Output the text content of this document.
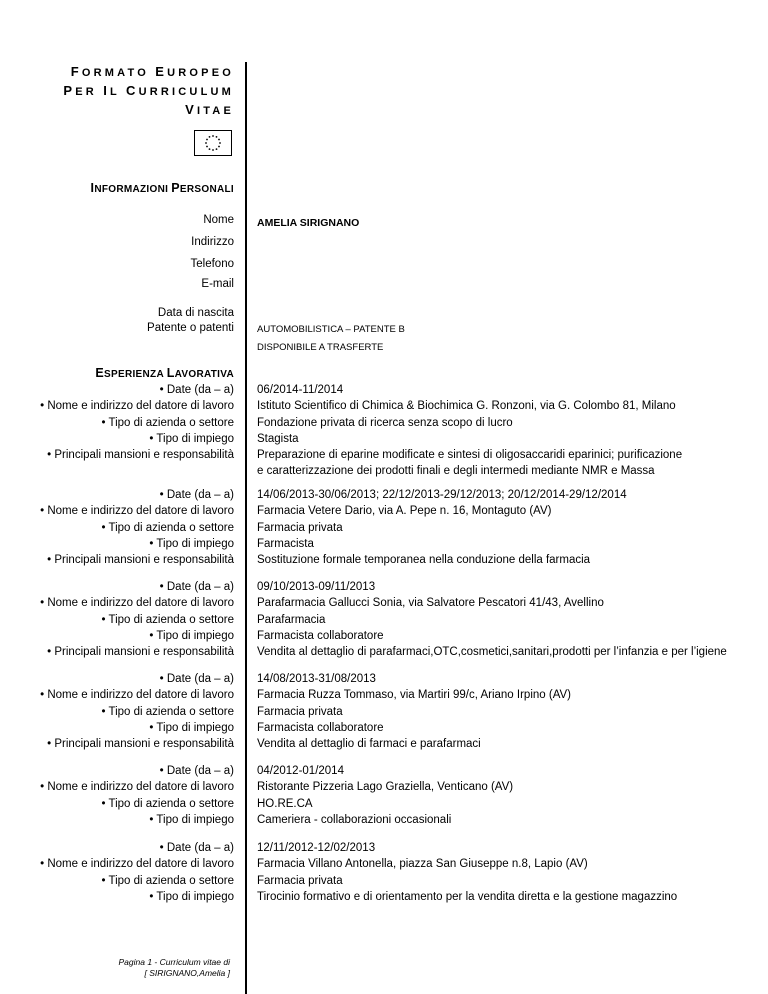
FORMATO EUROPEO
PER IL CURRICULUM
VITAE
INFORMAZIONI PERSONALI
Nome AMELIA SIRIGNANO
Indirizzo
Telefono
E-mail
Data di nascita
Patente o patenti AUTOMOBILISTICA – PATENTE B
DISPONIBILE A TRASFERTE
ESPERIENZA LAVORATIVA
• Date (da – a)
• Nome e indirizzo del datore di lavoro
• Tipo di azienda o settore
• Tipo di impiego
• Principali mansioni e responsabilità
06/2014-11/2014
Istituto Scientifico di Chimica & Biochimica G. Ronzoni, via G. Colombo 81, Milano
Fondazione privata di ricerca senza scopo di lucro
Stagista
Preparazione di eparine modificate e sintesi di oligosaccaridi eparinici; purificazione e caratterizzazione dei prodotti finali e degli intermedi mediante NMR e Massa
• Date (da – a)
• Nome e indirizzo del datore di lavoro
• Tipo di azienda o settore
• Tipo di impiego
• Principali mansioni e responsabilità
14/06/2013-30/06/2013; 22/12/2013-29/12/2013; 20/12/2014-29/12/2014
Farmacia Vetere Dario, via A. Pepe n. 16, Montaguto (AV)
Farmacia privata
Farmacista
Sostituzione formale temporanea nella conduzione della farmacia
• Date (da – a)
• Nome e indirizzo del datore di lavoro
• Tipo di azienda o settore
• Tipo di impiego
• Principali mansioni e responsabilità
09/10/2013-09/11/2013
Parafarmacia Gallucci Sonia, via Salvatore Pescatori 41/43, Avellino
Parafarmacia
Farmacista collaboratore
Vendita al dettaglio di parafarmaci,OTC,cosmetici,sanitari,prodotti per l’infanzia e per l’igiene
• Date (da – a)
• Nome e indirizzo del datore di lavoro
• Tipo di azienda o settore
• Tipo di impiego
• Principali mansioni e responsabilità
14/08/2013-31/08/2013
Farmacia Ruzza Tommaso, via Martiri 99/c, Ariano Irpino (AV)
Farmacia privata
Farmacista collaboratore
Vendita al dettaglio di farmaci e parafarmaci
• Date (da – a)
• Nome e indirizzo del datore di lavoro
• Tipo di azienda o settore
• Tipo di impiego
04/2012-01/2014
Ristorante Pizzeria Lago Graziella, Venticano (AV)
HO.RE.CA
Cameriera - collaborazioni occasionali
• Date (da – a)
• Nome e indirizzo del datore di lavoro
• Tipo di azienda o settore
• Tipo di impiego
12/11/2012-12/02/2013
Farmacia Villano Antonella, piazza San Giuseppe n.8, Lapio (AV)
Farmacia privata
Tirocinio formativo e di orientamento per la vendita diretta e la gestione magazzino
Pagina 1 - Curriculum vitae di
[ SIRIGNANO,Amelia ]
